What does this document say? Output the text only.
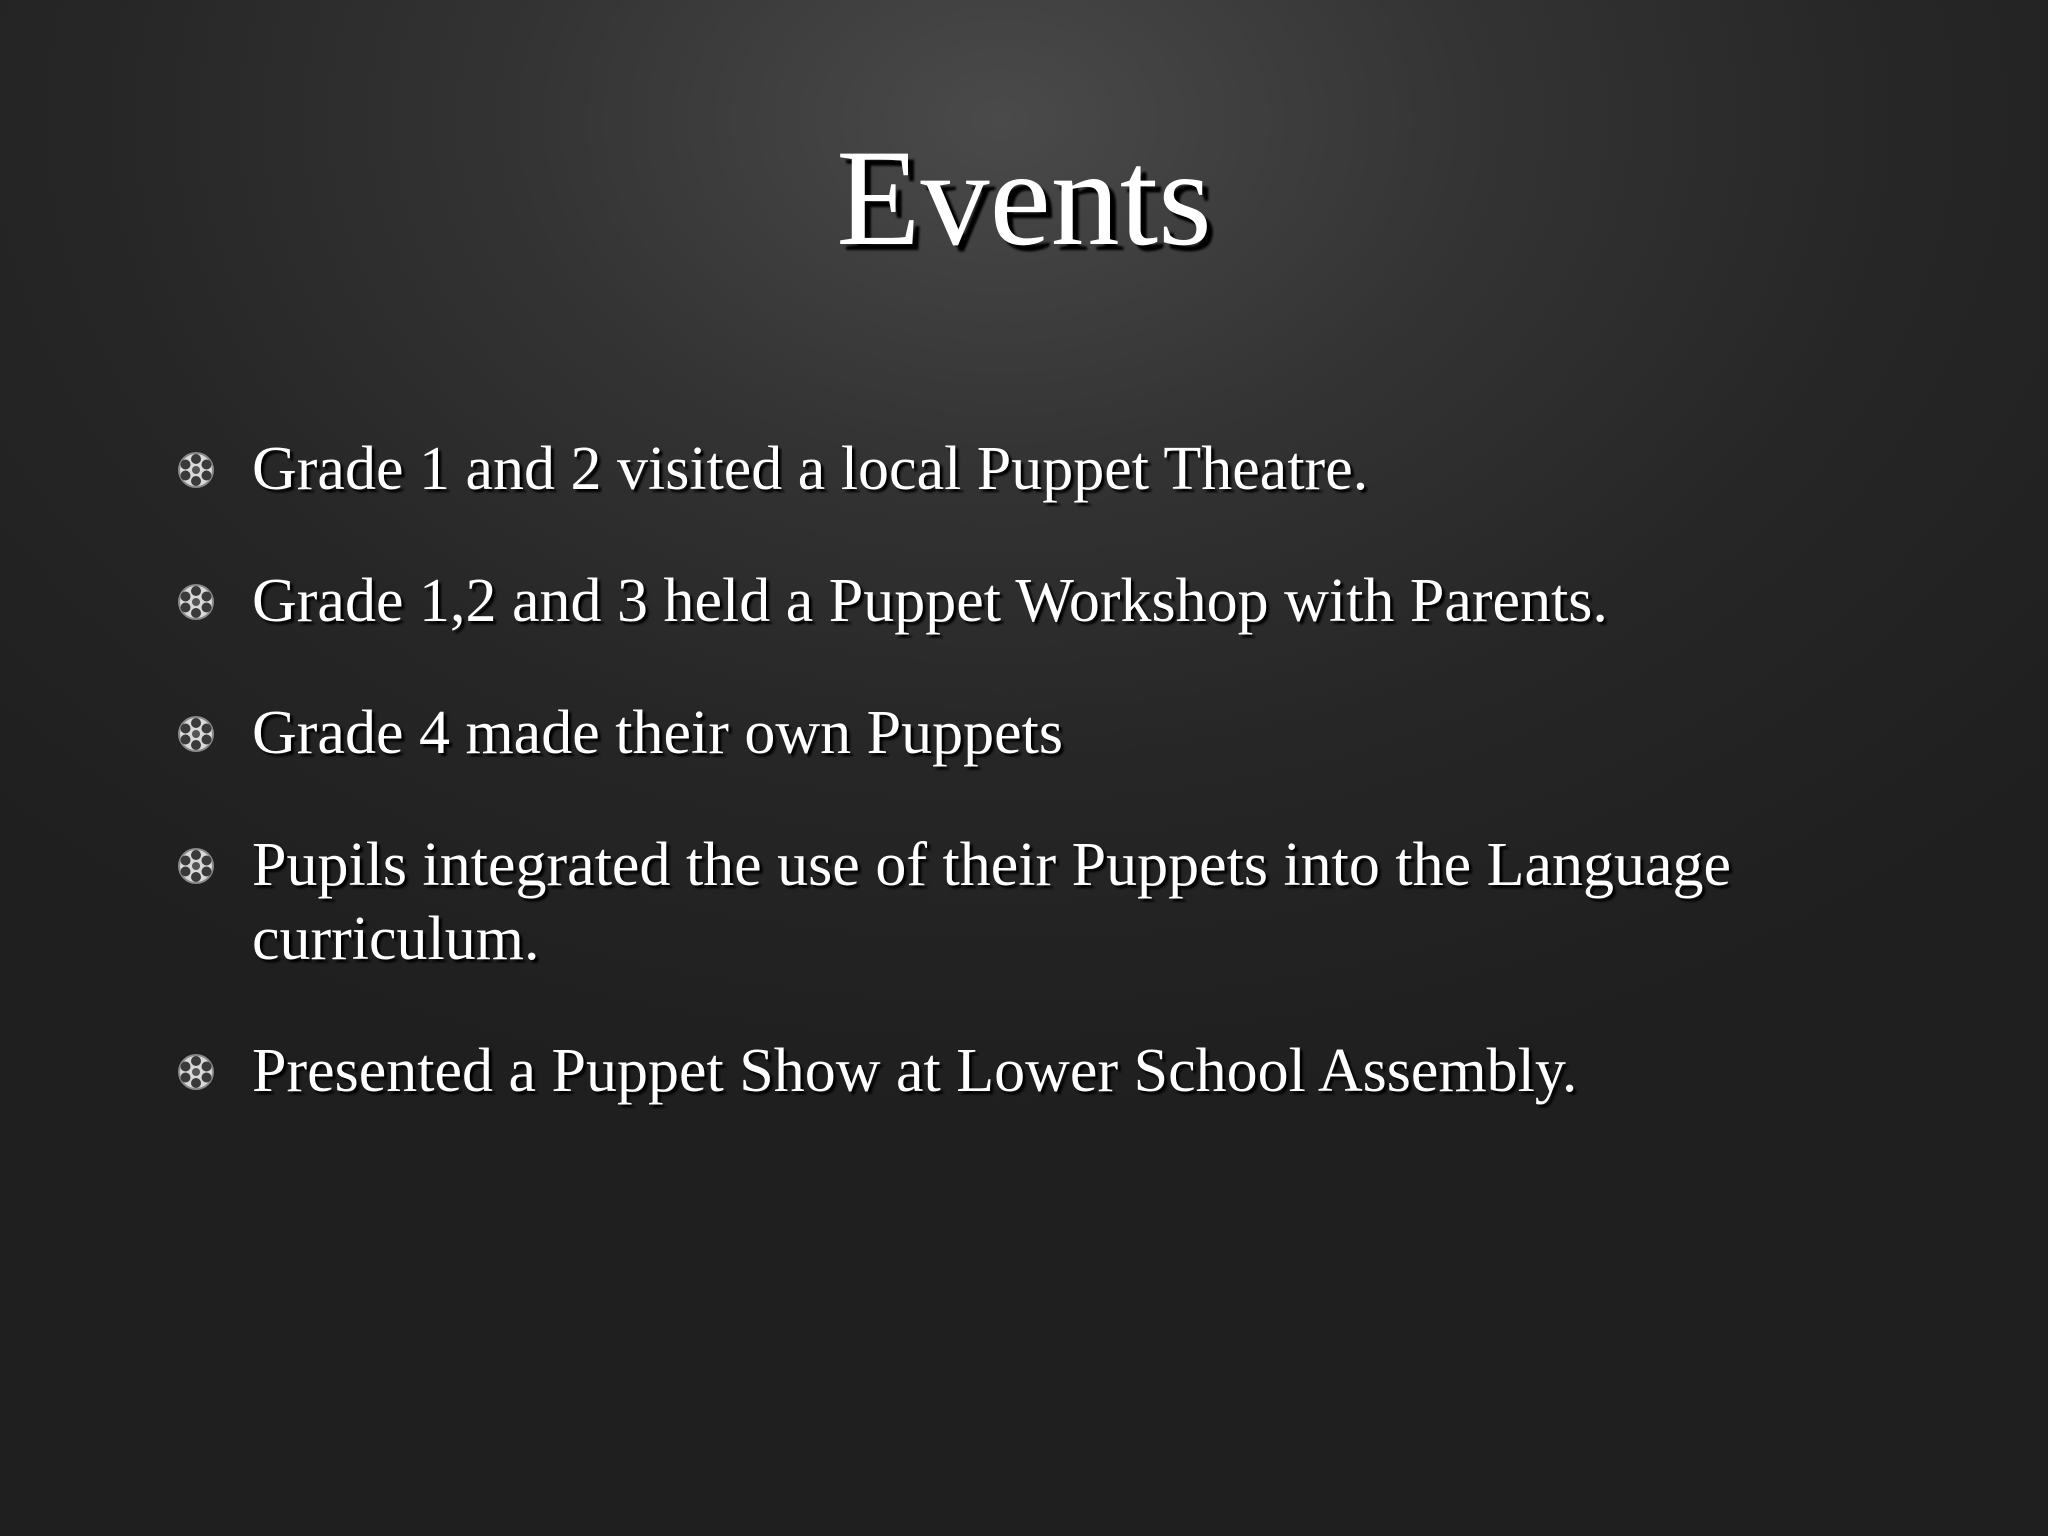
Events
Grade 1 and 2 visited a local Puppet Theatre.
Grade 1,2 and 3 held a Puppet Workshop with Parents.
Grade 4 made their own Puppets
Pupils integrated the use of their Puppets into the Language curriculum.
Presented a Puppet Show at Lower School Assembly.
